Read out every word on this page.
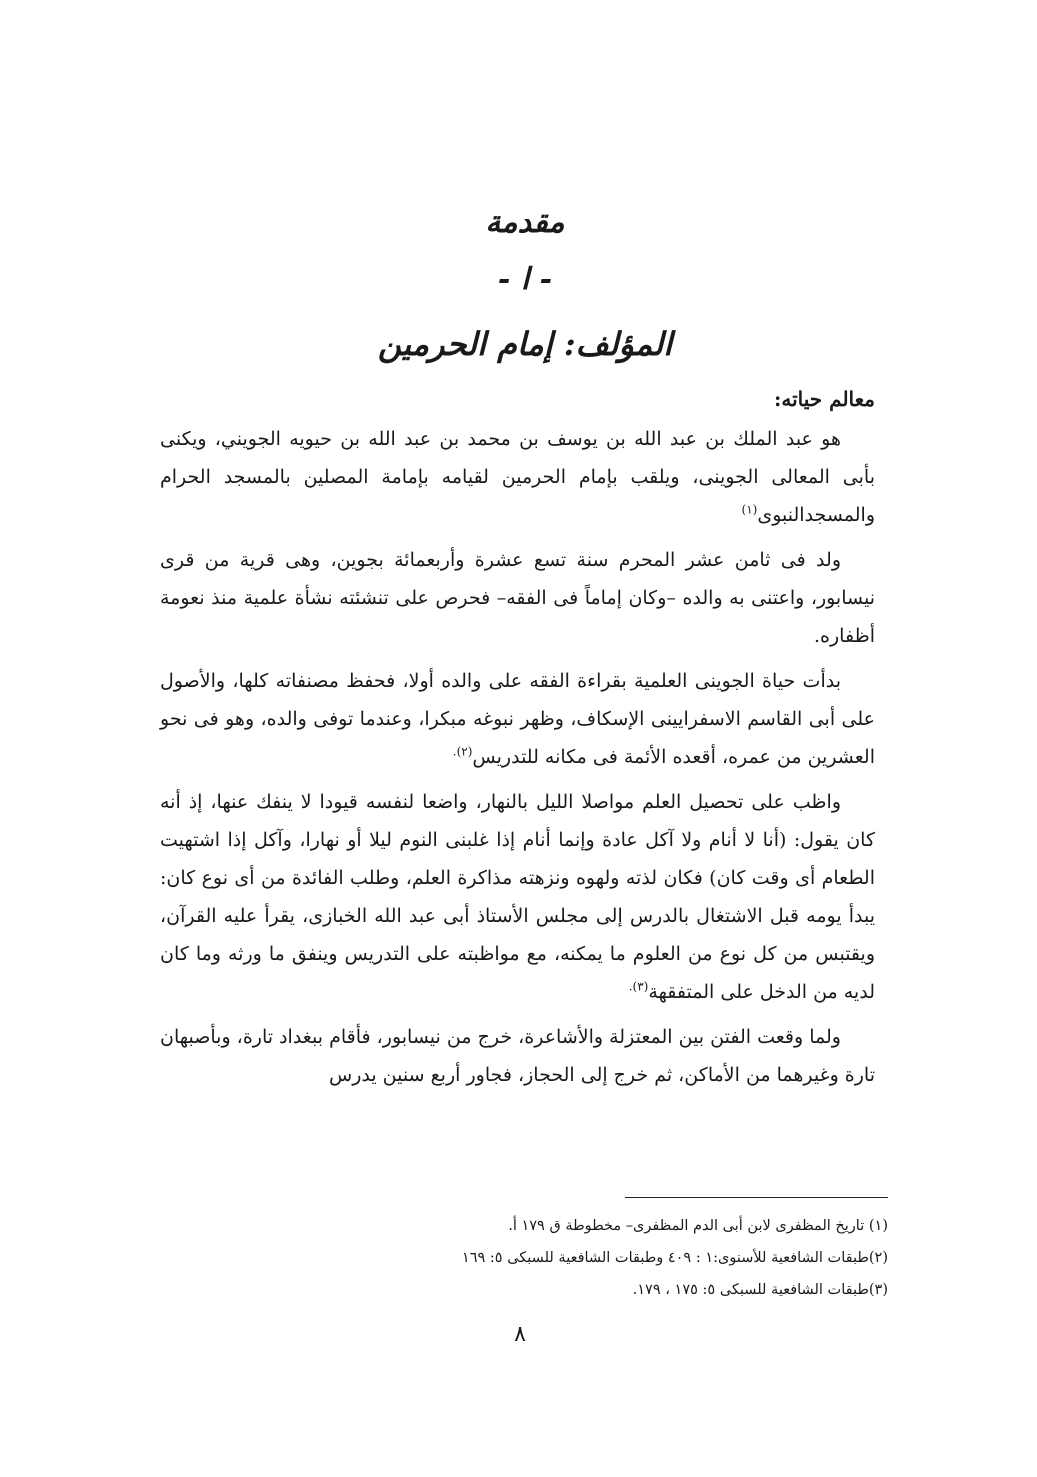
مقدمة
- ا -
المؤلف: إمام الحرمين

معالم حياته:

هو عبد الملك بن عبد الله بن يوسف بن محمد بن عبد الله بن حيويه الجويني، ويكنى بأبى المعالى الجوينى، ويلقب بإمام الحرمين لقيامه بإمامة المصلين بالمسجد الحرام والمسجدالنبوى$^{(١)}$

ولد فى ثامن عشر المحرم سنة تسع عشرة وأربعمائة بجوين، وهى قرية من قرى نيسابور، واعتنى به والده –وكان إماماً فى الفقه– فحرص على تنشئته نشأة علمية منذ نعومة أظفاره.

بدأت حياة الجوينى العلمية بقراءة الفقه على والده أولا، فحفظ مصنفاته كلها، والأصول على أبى القاسم الاسفرايينى الإسكاف، وظهر نبوغه مبكرا، وعندما توفى والده، وهو فى نحو العشرين من عمره، أقعده الأئمة فى مكانه للتدريس$^{(٢).}$

واظب على تحصيل العلم مواصلا الليل بالنهار، واضعا لنفسه قيودا لا ينفك عنها، إذ أنه كان يقول: (أنا لا أنام ولا آكل عادة وإنما أنام إذا غلبنى النوم ليلا أو نهارا، وآكل إذا اشتهيت الطعام أى وقت كان) فكان لذته ولهوه ونزهته مذاكرة العلم، وطلب الفائدة من أى نوع كان: يبدأ يومه قبل الاشتغال بالدرس إلى مجلس الأستاذ أبى عبد الله الخبازى، يقرأ عليه القرآن، ويقتبس من كل نوع من العلوم ما يمكنه، مع مواظبته على التدريس وينفق ما ورثه وما كان لديه من الدخل على المتفقهة$^{(٣).}$

ولما وقعت الفتن بين المعتزلة والأشاعرة، خرج من نيسابور، فأقام ببغداد تارة، وبأصبهان تارة وغيرهما من الأماكن، ثم خرج إلى الحجاز، فجاور أربع سنين يدرس

(١) تاريخ المظفرى لابن أبى الدم المظفرى– مخطوطة ق ١٧٩ أ.

(٢)طبقات الشافعية للأسنوى:١ : ٤٠٩ وطبقات الشافعية للسبكى ٥: ١٦٩

(٣)طبقات الشافعية للسبكى ٥: ١٧٥ ، ١٧٩.

٨
